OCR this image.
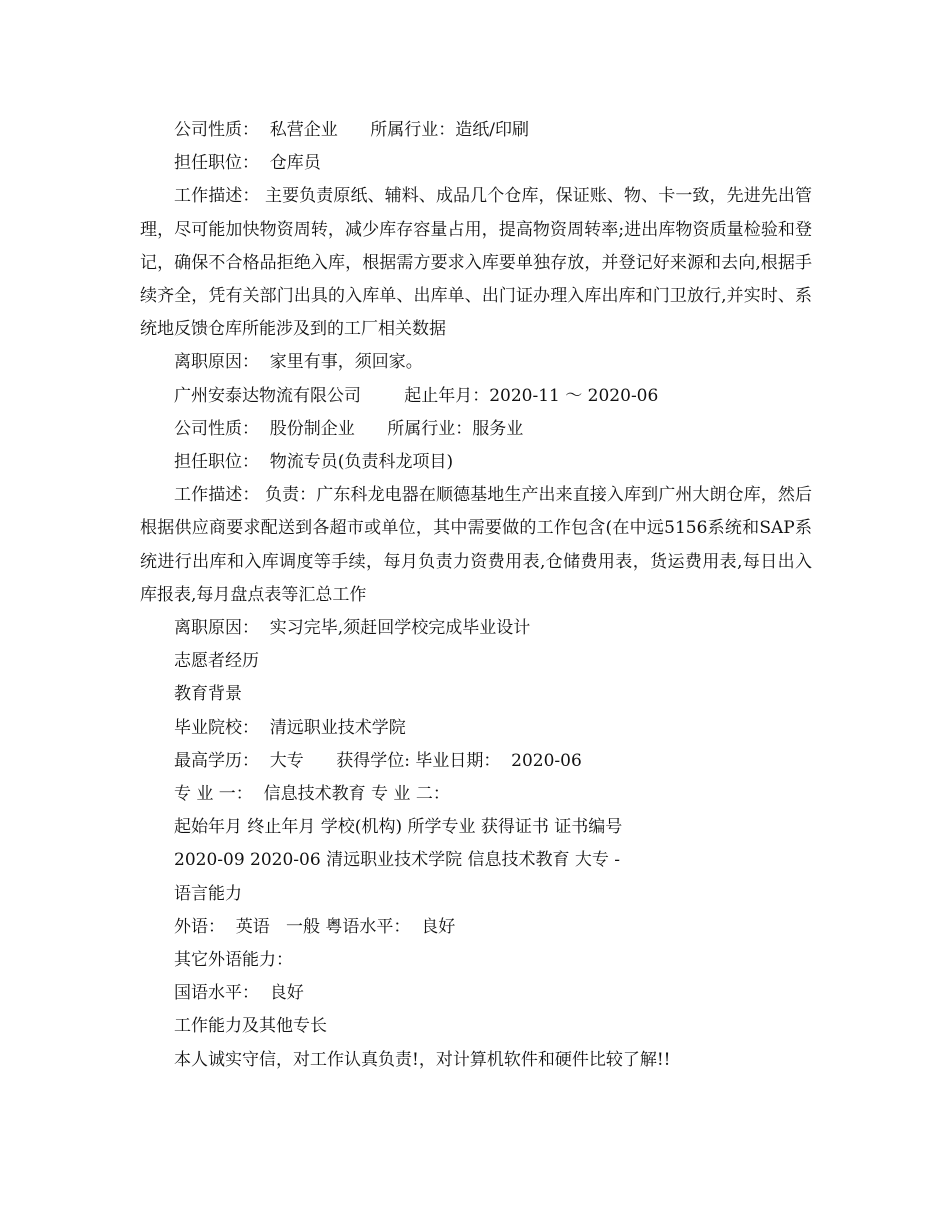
公司性质：  私营企业      所属行业：造纸/印刷

担任职位：  仓库员

工作描述： 主要负责原纸、辅料、成品几个仓库，保证账、物、卡一致，先进先出管理，尽可能加快物资周转，减少库存容量占用，提高物资周转率;进出库物资质量检验和登记，确保不合格品拒绝入库，根据需方要求入库要单独存放，并登记好来源和去向,根据手续齐全，凭有关部门出具的入库单、出库单、出门证办理入库出库和门卫放行,并实时、系统地反馈仓库所能涉及到的工厂相关数据

离职原因：  家里有事，须回家。

广州安泰达物流有限公司        起止年月：2020-11 ～ 2020-06

公司性质：  股份制企业      所属行业：服务业

担任职位：  物流专员(负责科龙项目)

工作描述： 负责：广东科龙电器在顺德基地生产出来直接入库到广州大朗仓库，然后根据供应商要求配送到各超市或单位，其中需要做的工作包含(在中远5156系统和SAP系统进行出库和入库调度等手续，每月负责力资费用表,仓储费用表，货运费用表,每日出入库报表,每月盘点表等汇总工作

离职原因：  实习完毕,须赶回学校完成毕业设计

志愿者经历

教育背景

毕业院校：  清远职业技术学院

最高学历：  大专      获得学位: 毕业日期：  2020-06

专 业 一：  信息技术教育 专 业 二：

起始年月 终止年月 学校(机构) 所学专业 获得证书 证书编号

2020-09 2020-06 清远职业技术学院 信息技术教育 大专 -

语言能力

外语：  英语   一般 粤语水平：  良好

其它外语能力：

国语水平：  良好

工作能力及其他专长

本人诚实守信，对工作认真负责!，对计算机软件和硬件比较了解!!
